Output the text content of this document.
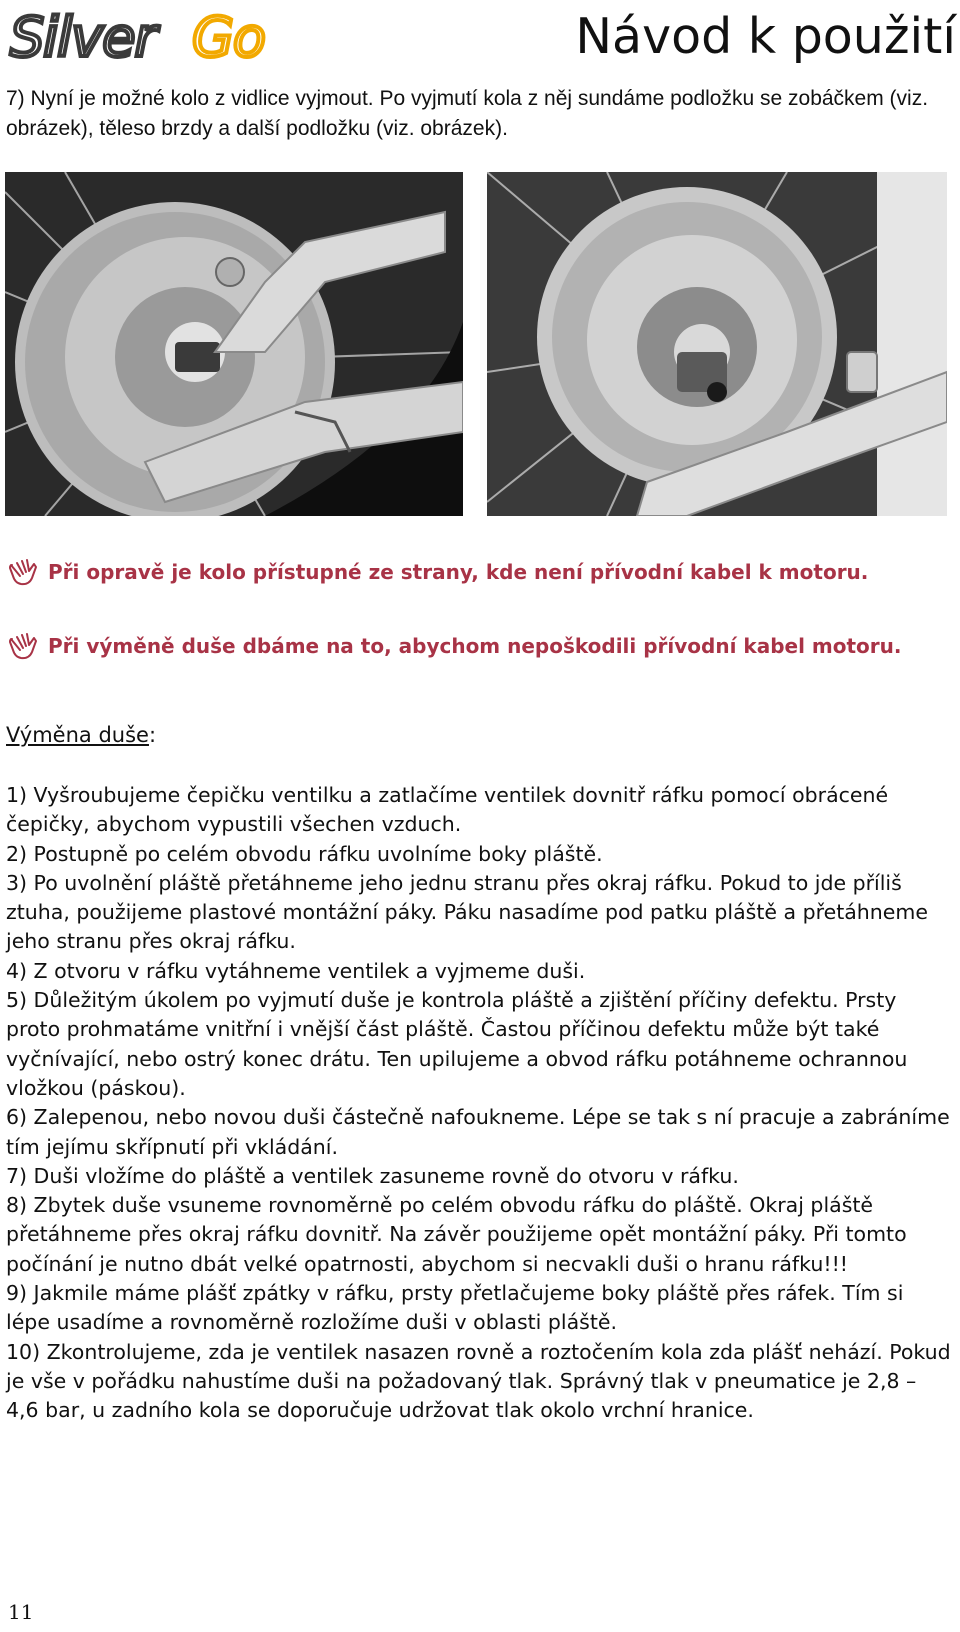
Silver Go	Návod k použití
7) Nyní je možné kolo z vidlice vyjmout. Po vyjmutí kola z něj sundáme podložku se zobáčkem (viz. obrázek), těleso brzdy a další podložku (viz. obrázek).
Při opravě je kolo přístupné ze strany, kde není přívodní kabel k motoru.
Při výměně duše dbáme na to, abychom nepoškodili přívodní kabel motoru.
Výměna duše:

1) Vyšroubujeme čepičku ventilku a zatlačíme ventilek dovnitř ráfku pomocí obrácené čepičky, abychom vypustili všechen vzduch.

2) Postupně po celém obvodu ráfku uvolníme boky pláště.

3) Po uvolnění pláště přetáhneme jeho jednu stranu přes okraj ráfku. Pokud to jde příliš ztuha, použijeme plastové montážní páky. Páku nasadíme pod patku pláště a přetáhneme jeho stranu přes okraj ráfku.

4) Z otvoru v ráfku vytáhneme ventilek a vyjmeme duši.

5) Důležitým úkolem po vyjmutí duše je kontrola pláště a zjištění příčiny defektu. Prsty proto prohmatáme vnitřní i vnější část pláště. Častou příčinou defektu může být také vyčnívající, nebo ostrý konec drátu. Ten upilujeme a obvod ráfku potáhneme ochrannou vložkou (páskou).

6) Zalepenou, nebo novou duši částečně nafoukneme. Lépe se tak s ní pracuje a zabráníme tím jejímu skřípnutí při vkládání.

7) Duši vložíme do pláště a ventilek zasuneme rovně do otvoru v ráfku.

8) Zbytek duše vsuneme rovnoměrně po celém obvodu ráfku do pláště. Okraj pláště přetáhneme přes okraj ráfku dovnitř. Na závěr použijeme opět montážní páky. Při tomto počínání je nutno dbát velké opatrnosti, abychom si necvakli duši o hranu ráfku!!!

9) Jakmile máme plášť zpátky v ráfku, prsty přetlačujeme boky pláště přes ráfek. Tím si lépe usadíme a rovnoměrně rozložíme duši v oblasti pláště.

10) Zkontrolujeme, zda je ventilek nasazen rovně a roztočením kola zda plášť nehází. Pokud je vše v pořádku nahustíme duši na požadovaný tlak. Správný tlak v pneumatice je 2,8 – 4,6 bar, u zadního kola se doporučuje udržovat tlak okolo vrchní hranice.

11
